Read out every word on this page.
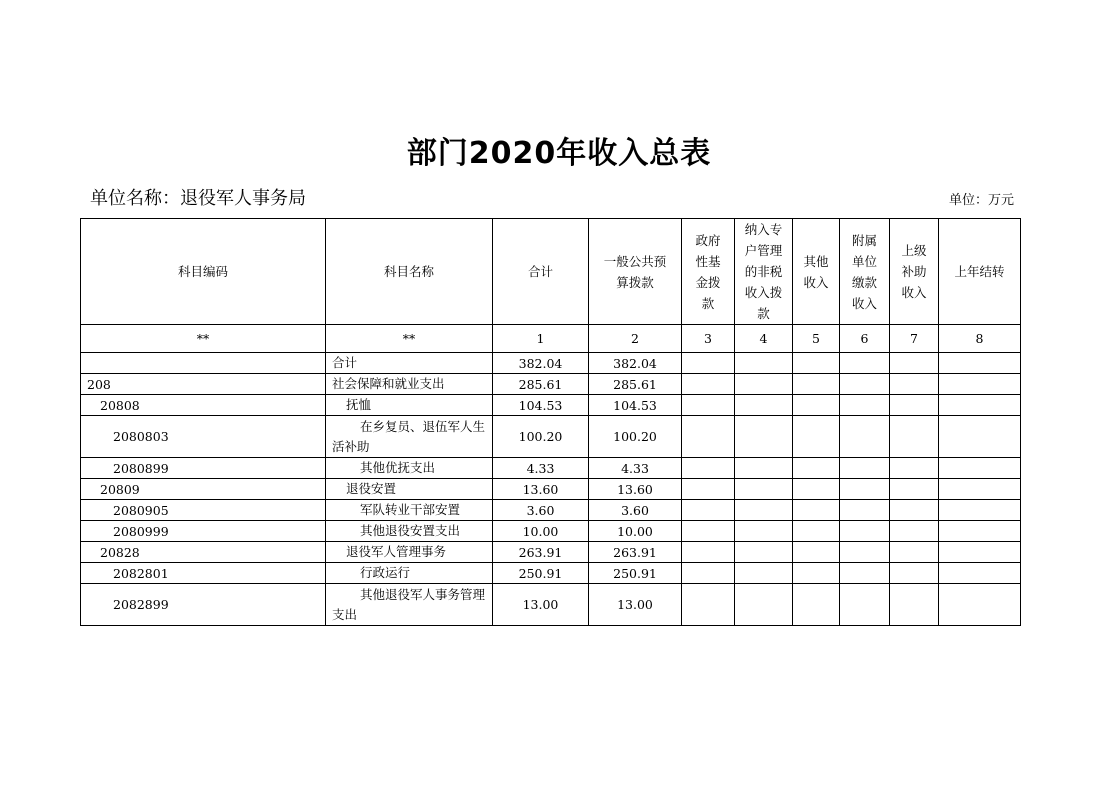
部门2020年收入总表
单位名称：退役军人事务局	单位：万元
科目编码	科目名称	合计	一般公共预算拨款	政府性基金拨款	纳入专户管理的非税收入拨款	其他收入	附属单位缴款收入	上级补助收入	上年结转
**	**	1	2	3	4	5	6	7	8
	合计	382.04	382.04						
208	社会保障和就业支出	285.61	285.61						
20808	抚恤	104.53	104.53						
2080803	在乡复员、退伍军人生活补助	100.20	100.20						
2080899	其他优抚支出	4.33	4.33						
20809	退役安置	13.60	13.60						
2080905	军队转业干部安置	3.60	3.60						
2080999	其他退役安置支出	10.00	10.00						
20828	退役军人管理事务	263.91	263.91						
2082801	行政运行	250.91	250.91						
2082899	其他退役军人事务管理支出	13.00	13.00						
